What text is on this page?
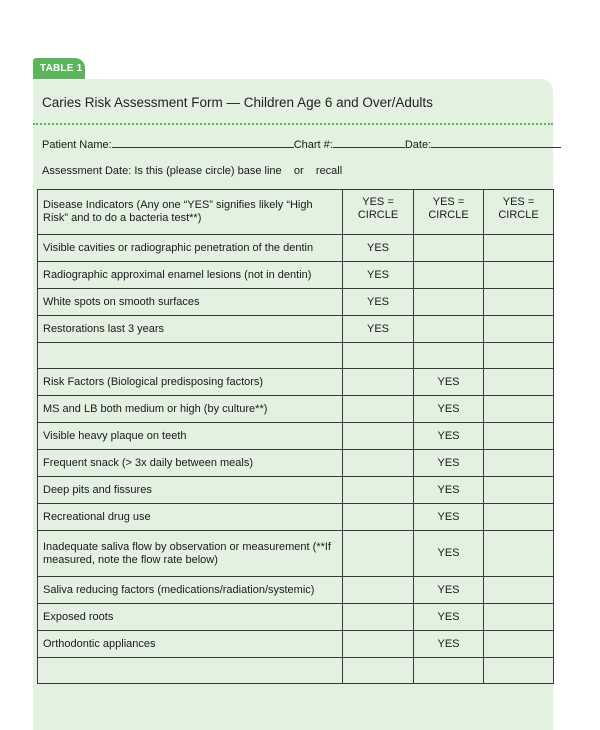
TABLE 1
Caries Risk Assessment Form — Children Age 6 and Over/Adults
Patient Name:	Chart #:	Date:
Assessment Date: Is this (please circle) base line or recall
Disease Indicators (Any one “YES” signifies likely “High Risk” and to do a bacteria test**)	YES = CIRCLE	YES = CIRCLE	YES = CIRCLE
Visible cavities or radiographic penetration of the dentin	YES		
Radiographic approximal enamel lesions (not in dentin)	YES		
White spots on smooth surfaces	YES		
Restorations last 3 years	YES		

Risk Factors (Biological predisposing factors)		YES	
MS and LB both medium or high (by culture**)		YES	
Visible heavy plaque on teeth		YES	
Frequent snack (> 3x daily between meals)		YES	
Deep pits and fissures		YES	
Recreational drug use		YES	
Inadequate saliva flow by observation or measurement (**If measured, note the flow rate below)		YES	
Saliva reducing factors (medications/radiation/systemic)		YES	
Exposed roots		YES	
Orthodontic appliances		YES	
